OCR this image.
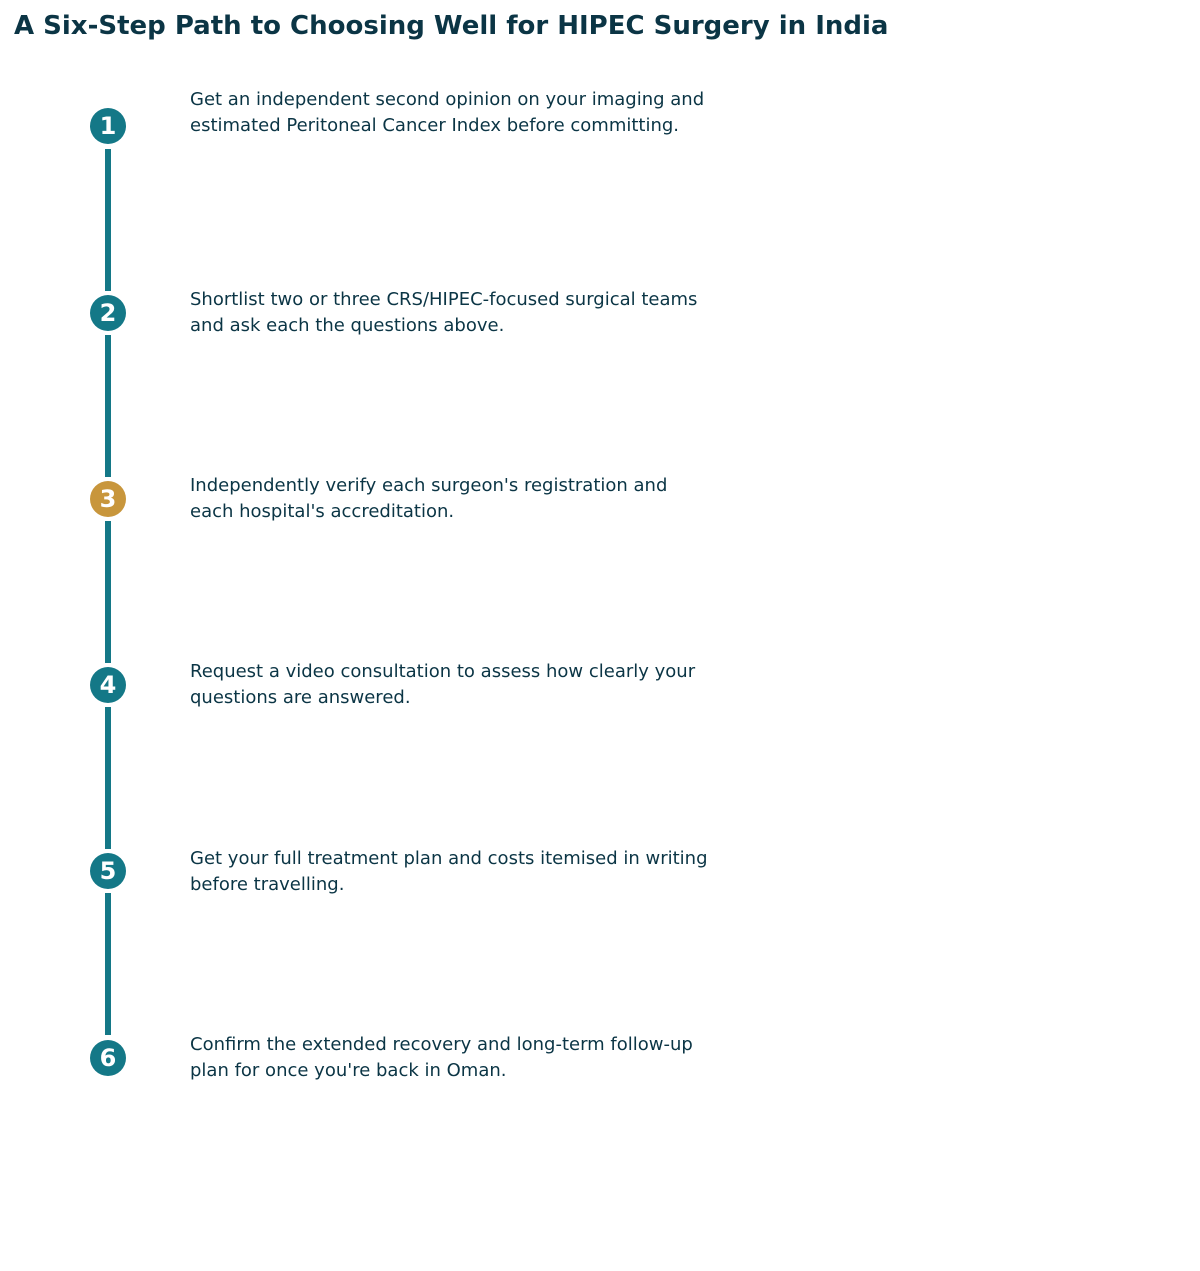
A Six-Step Path to Choosing Well for HIPEC Surgery in India
1

Get an independent second opinion on your imaging and estimated Peritoneal Cancer Index before committing.

2	Shortlist two or three CRS/HIPEC-focused surgical teams and ask each the questions above.

3	Independently verify each surgeon's registration and each hospital's accreditation.

4	Request a video consultation to assess how clearly your questions are answered.

5	Get your full treatment plan and costs itemised in writing before travelling.

6	Confirm the extended recovery and long-term follow-up plan for once you're back in Oman.
